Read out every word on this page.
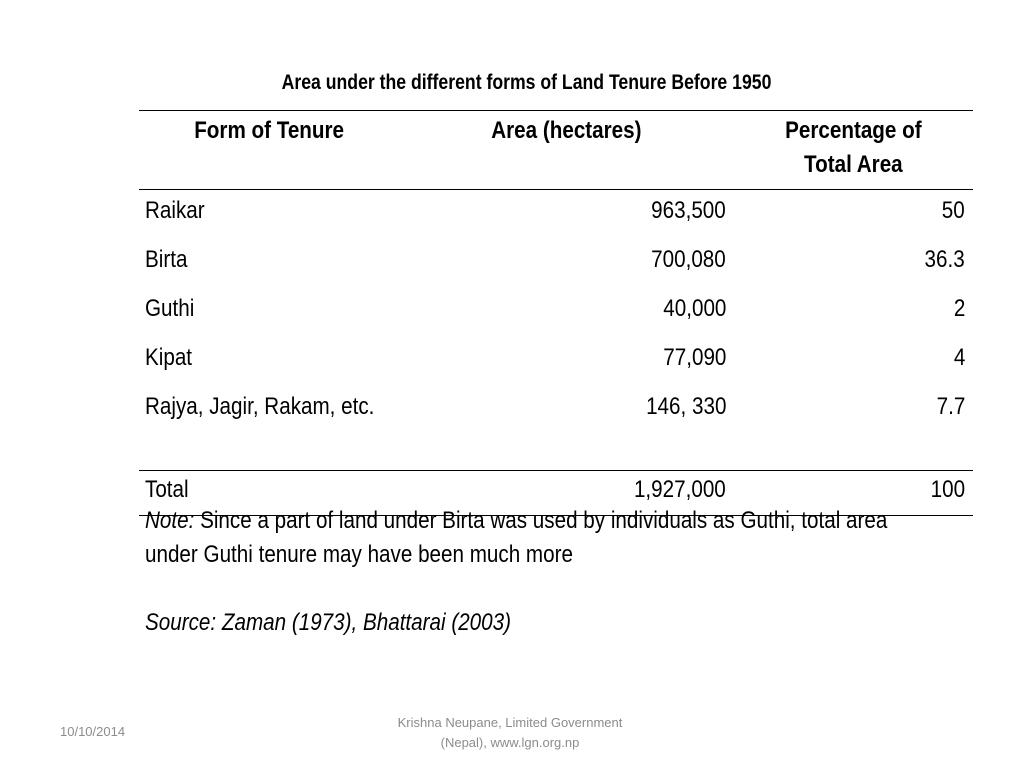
Area under the different forms of Land Tenure Before 1950
Form of Tenure	Area (hectares)	Percentage of
Total Area
Raikar	963,500	50
Birta	700,080	36.3
Guthi	40,000	2
Kipat	77,090	4
Rajya, Jagir, Rakam, etc.	146, 330	7.7
Total	1,927,000	100
Note: Since a part of land under Birta was used by individuals as Guthi, total area under Guthi tenure may have been much more
Source: Zaman (1973), Bhattarai (2003)
10/10/2014
Krishna Neupane, Limited Government
(Nepal), www.lgn.org.np
